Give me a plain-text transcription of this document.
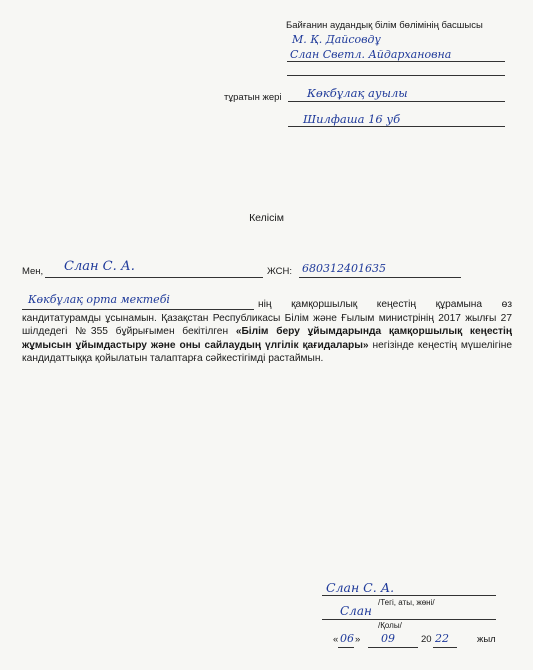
Байғанин аудандық білім бөлімінің басшысы
М. Қ. Дайсовдұ
Слан Светл. Айдархановна
тұратын жері Көкбұлақ ауылы
Шилфаша 16 уб
Келісім
Мен, Слан С. А.	ЖСН: 680312401635
Көкбұлақ орта мектебі	нің қамқоршылық кеңестің құрамына өз кандитатурамды ұсынамын. Қазақстан Республикасы Білім және Ғылым министрінің 2017 жылғы 27 шілдедегі №355 бұйрығымен бекітілген «Білім беру ұйымдарында қамқоршылық кеңестің жұмысын ұйымдастыру және оны сайлаудың үлгілік қағидалары» негізінде кеңестің мүшелігіне кандидаттыққа қойылатын талаптарға сәйкестігімді растаймын.
Слан С. А.
/Тегі, аты, жөні/
Слан
/Қолы/
« 06 » 09	20 22	жыл
